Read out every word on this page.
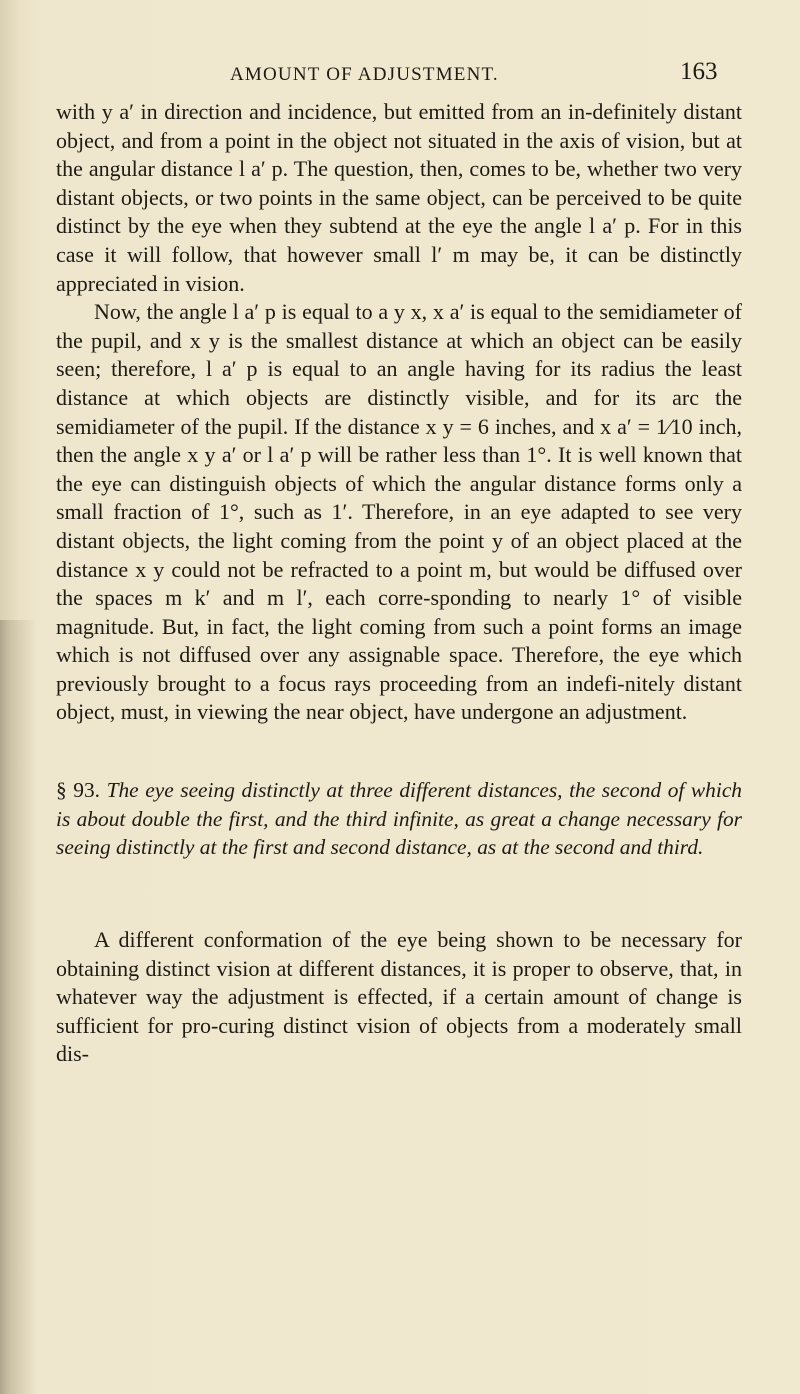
AMOUNT OF ADJUSTMENT.	163

with y a′ in direction and incidence, but emitted from an in-definitely distant object, and from a point in the object not situated in the axis of vision, but at the angular distance l a′ p. The question, then, comes to be, whether two very distant objects, or two points in the same object, can be perceived to be quite distinct by the eye when they subtend at the eye the angle l a′ p. For in this case it will follow, that however small l′ m may be, it can be distinctly appreciated in vision.

Now, the angle l a′ p is equal to a y x, x a′ is equal to the semidiameter of the pupil, and x y is the smallest distance at which an object can be easily seen; therefore, l a′ p is equal to an angle having for its radius the least distance at which objects are distinctly visible, and for its arc the semidiameter of the pupil. If the distance x y = 6 inches, and x a′ = 1⁄10 inch, then the angle x y a′ or l a′ p will be rather less than 1°. It is well known that the eye can distinguish objects of which the angular distance forms only a small fraction of 1°, such as 1′. Therefore, in an eye adapted to see very distant objects, the light coming from the point y of an object placed at the distance x y could not be refracted to a point m, but would be diffused over the spaces m k′ and m l′, each corre-sponding to nearly 1° of visible magnitude. But, in fact, the light coming from such a point forms an image which is not diffused over any assignable space. Therefore, the eye which previously brought to a focus rays proceeding from an indefi-nitely distant object, must, in viewing the near object, have undergone an adjustment.

§ 93. The eye seeing distinctly at three different distances, the second of which is about double the first, and the third infinite, as great a change necessary for seeing distinctly at the first and second distance, as at the second and third.

A different conformation of the eye being shown to be necessary for obtaining distinct vision at different distances, it is proper to observe, that, in whatever way the adjustment is effected, if a certain amount of change is sufficient for pro-curing distinct vision of objects from a moderately small dis-
